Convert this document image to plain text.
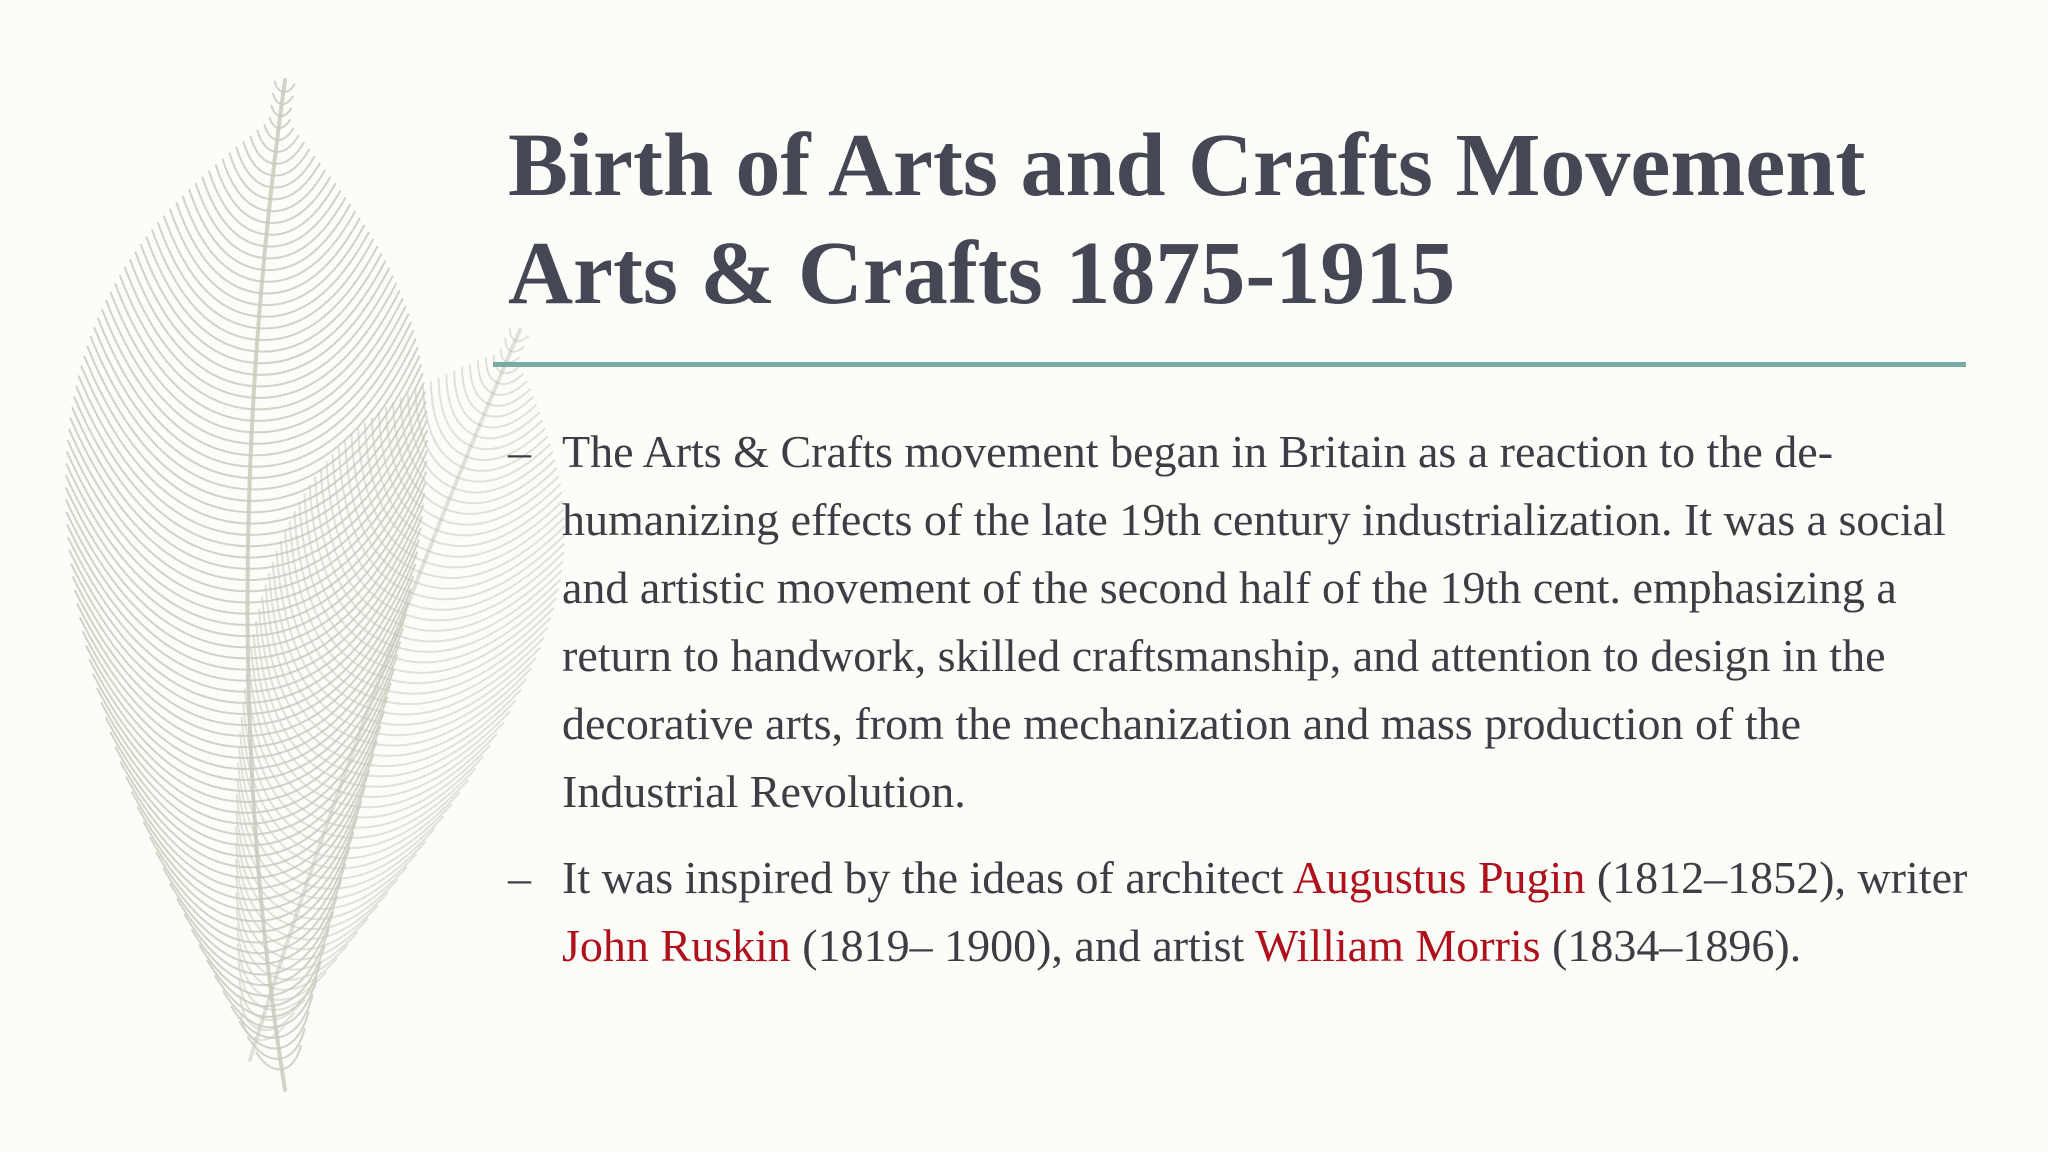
Birth of Arts and Crafts Movement
Arts & Crafts 1875-1915
– The Arts & Crafts movement began in Britain as a reaction to the de-humanizing effects of the late 19th century industrialization. It was a social and artistic movement of the second half of the 19th cent. emphasizing a return to handwork, skilled craftsmanship, and attention to design in the decorative arts, from the mechanization and mass production of the Industrial Revolution.
– It was inspired by the ideas of architect Augustus Pugin (1812–1852), writer John Ruskin (1819– 1900), and artist William Morris (1834–1896).
